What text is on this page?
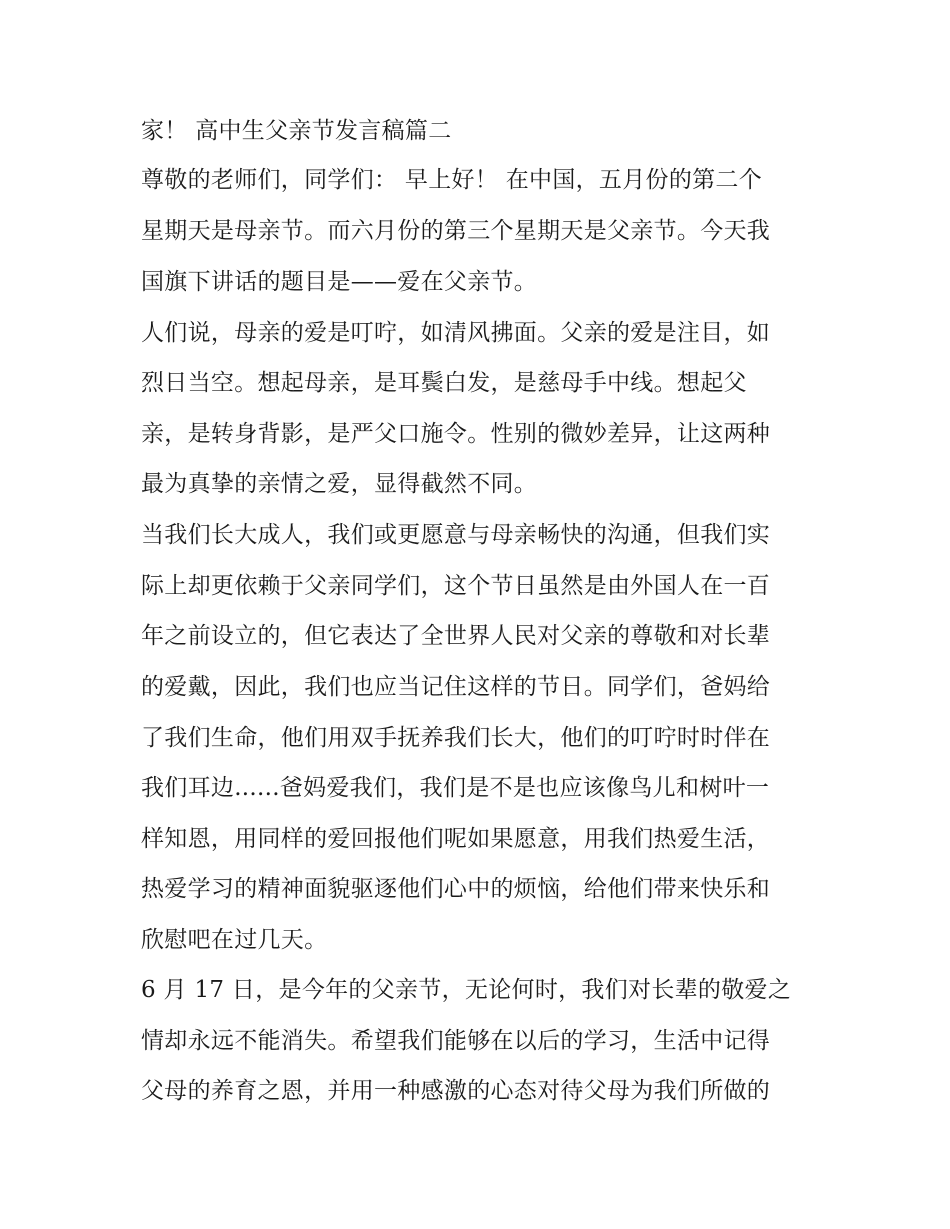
家！ 高中生父亲节发言稿篇二
尊敬的老师们，同学们： 早上好！ 在中国，五月份的第二个
星期天是母亲节。而六月份的第三个星期天是父亲节。今天我
国旗下讲话的题目是——爱在父亲节。
人们说，母亲的爱是叮咛，如清风拂面。父亲的爱是注目，如
烈日当空。想起母亲，是耳鬓白发，是慈母手中线。想起父
亲，是转身背影，是严父口施令。性别的微妙差异，让这两种
最为真挚的亲情之爱，显得截然不同。
当我们长大成人，我们或更愿意与母亲畅快的沟通，但我们实
际上却更依赖于父亲同学们，这个节日虽然是由外国人在一百
年之前设立的，但它表达了全世界人民对父亲的尊敬和对长辈
的爱戴，因此，我们也应当记住这样的节日。同学们，爸妈给
了我们生命，他们用双手抚养我们长大，他们的叮咛时时伴在
我们耳边......爸妈爱我们，我们是不是也应该像鸟儿和树叶一
样知恩，用同样的爱回报他们呢如果愿意，用我们热爱生活，
热爱学习的精神面貌驱逐他们心中的烦恼，给他们带来快乐和
欣慰吧在过几天。
6 月 17 日，是今年的父亲节，无论何时，我们对长辈的敬爱之
情却永远不能消失。希望我们能够在以后的学习，生活中记得
父母的养育之恩，并用一种感激的心态对待父母为我们所做的
